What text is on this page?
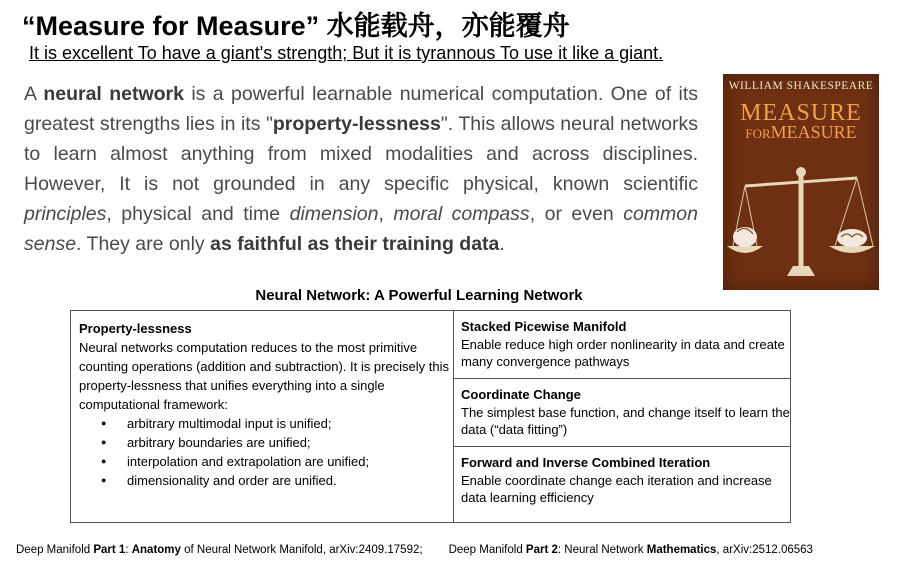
“Measure for Measure” 水能载舟，亦能覆舟
It is excellent To have a giant's strength; But it is tyrannous To use it like a giant.
A neural network is a powerful learnable numerical computation. One of its greatest strengths lies in its "property-lessness". This allows neural networks to learn almost anything from mixed modalities and across disciplines. However, It is not grounded in any specific physical, known scientific principles, physical and time dimension, moral compass, or even common sense. They are only as faithful as their training data.
WILLIAM SHAKESPEARE
MEASURE
FORMEASURE
Neural Network: A Powerful Learning Network
Property-lessness
Neural networks computation reduces to the most primitive counting operations (addition and subtraction). It is precisely this property-lessness that unifies everything into a single computational framework:
● arbitrary multimodal input is unified;
● arbitrary boundaries are unified;
● interpolation and extrapolation are unified;
● dimensionality and order are unified.
Stacked Picewise Manifold
Enable reduce high order nonlinearity in data and create many convergence pathways
Coordinate Change
The simplest base function, and change itself to learn the data (“data fitting”)
Forward and Inverse Combined Iteration
Enable coordinate change each iteration and increase data learning efficiency
Deep Manifold Part 1: Anatomy of Neural Network Manifold, arXiv:2409.17592; Deep Manifold Part 2: Neural Network Mathematics, arXiv:2512.06563
